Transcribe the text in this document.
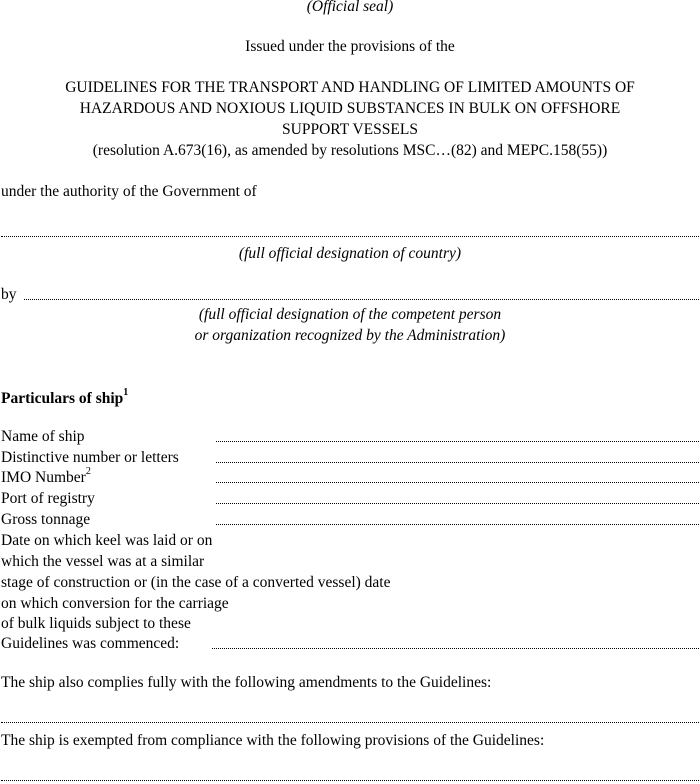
(Official seal)
Issued under the provisions of the
GUIDELINES FOR THE TRANSPORT AND HANDLING OF LIMITED AMOUNTS OF
HAZARDOUS AND NOXIOUS LIQUID SUBSTANCES IN BULK ON OFFSHORE
SUPPORT VESSELS
(resolution A.673(16), as amended by resolutions MSC…(82) and MEPC.158(55))
under the authority of the Government of
(full official designation of country)
by
(full official designation of the competent person
or organization recognized by the Administration)
Particulars of ship$^1$
Name of ship
Distinctive number or letters
IMO Number$^2$
Port of registry
Gross tonnage
Date on which keel was laid or on
which the vessel was at a similar
stage of construction or (in the case of a converted vessel) date
on which conversion for the carriage
of bulk liquids subject to these
Guidelines was commenced:
The ship also complies fully with the following amendments to the Guidelines:
The ship is exempted from compliance with the following provisions of the Guidelines:
